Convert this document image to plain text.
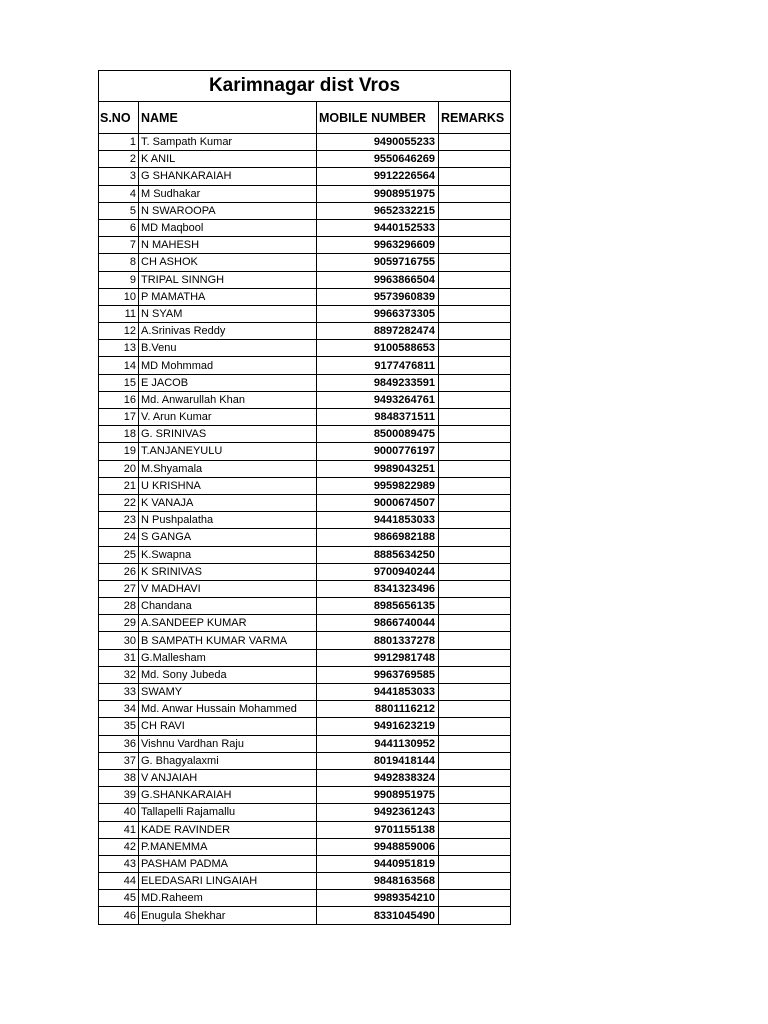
Karimnagar dist Vros			
S.NO	NAME	MOBILE NUMBER	REMARKS
1	T. Sampath Kumar	9490055233	
2	K ANIL	9550646269	
3	G SHANKARAIAH	9912226564	
4	M Sudhakar	9908951975	
5	N SWAROOPA	9652332215	
6	MD Maqbool	9440152533	
7	N MAHESH	9963296609	
8	CH ASHOK	9059716755	
9	TRIPAL SINNGH	9963866504	
10	P MAMATHA	9573960839	
11	N SYAM	9966373305	
12	A.Srinivas Reddy	8897282474	
13	B.Venu	9100588653	
14	MD Mohmmad	9177476811	
15	E JACOB	9849233591	
16	Md. Anwarullah Khan	9493264761	
17	V. Arun Kumar	9848371511	
18	G. SRINIVAS	8500089475	
19	T.ANJANEYULU	9000776197	
20	M.Shyamala	9989043251	
21	U KRISHNA	9959822989	
22	K VANAJA	9000674507	
23	N Pushpalatha	9441853033	
24	S GANGA	9866982188	
25	K.Swapna	8885634250	
26	K SRINIVAS	9700940244	
27	V MADHAVI	8341323496	
28	Chandana	8985656135	
29	A.SANDEEP KUMAR	9866740044	
30	B SAMPATH KUMAR VARMA	8801337278	
31	G.Mallesham	9912981748	
32	Md. Sony Jubeda	9963769585	
33	SWAMY	9441853033	
34	Md. Anwar Hussain Mohammed	8801116212	
35	CH RAVI	9491623219	
36	Vishnu Vardhan Raju	9441130952	
37	G. Bhagyalaxmi	8019418144	
38	V ANJAIAH	9492838324	
39	G.SHANKARAIAH	9908951975	
40	Tallapelli Rajamallu	9492361243	
41	KADE RAVINDER	9701155138	
42	P.MANEMMA	9948859006	
43	PASHAM PADMA	9440951819	
44	ELEDASARI LINGAIAH	9848163568	
45	MD.Raheem	9989354210	
46	Enugula Shekhar	8331045490	
